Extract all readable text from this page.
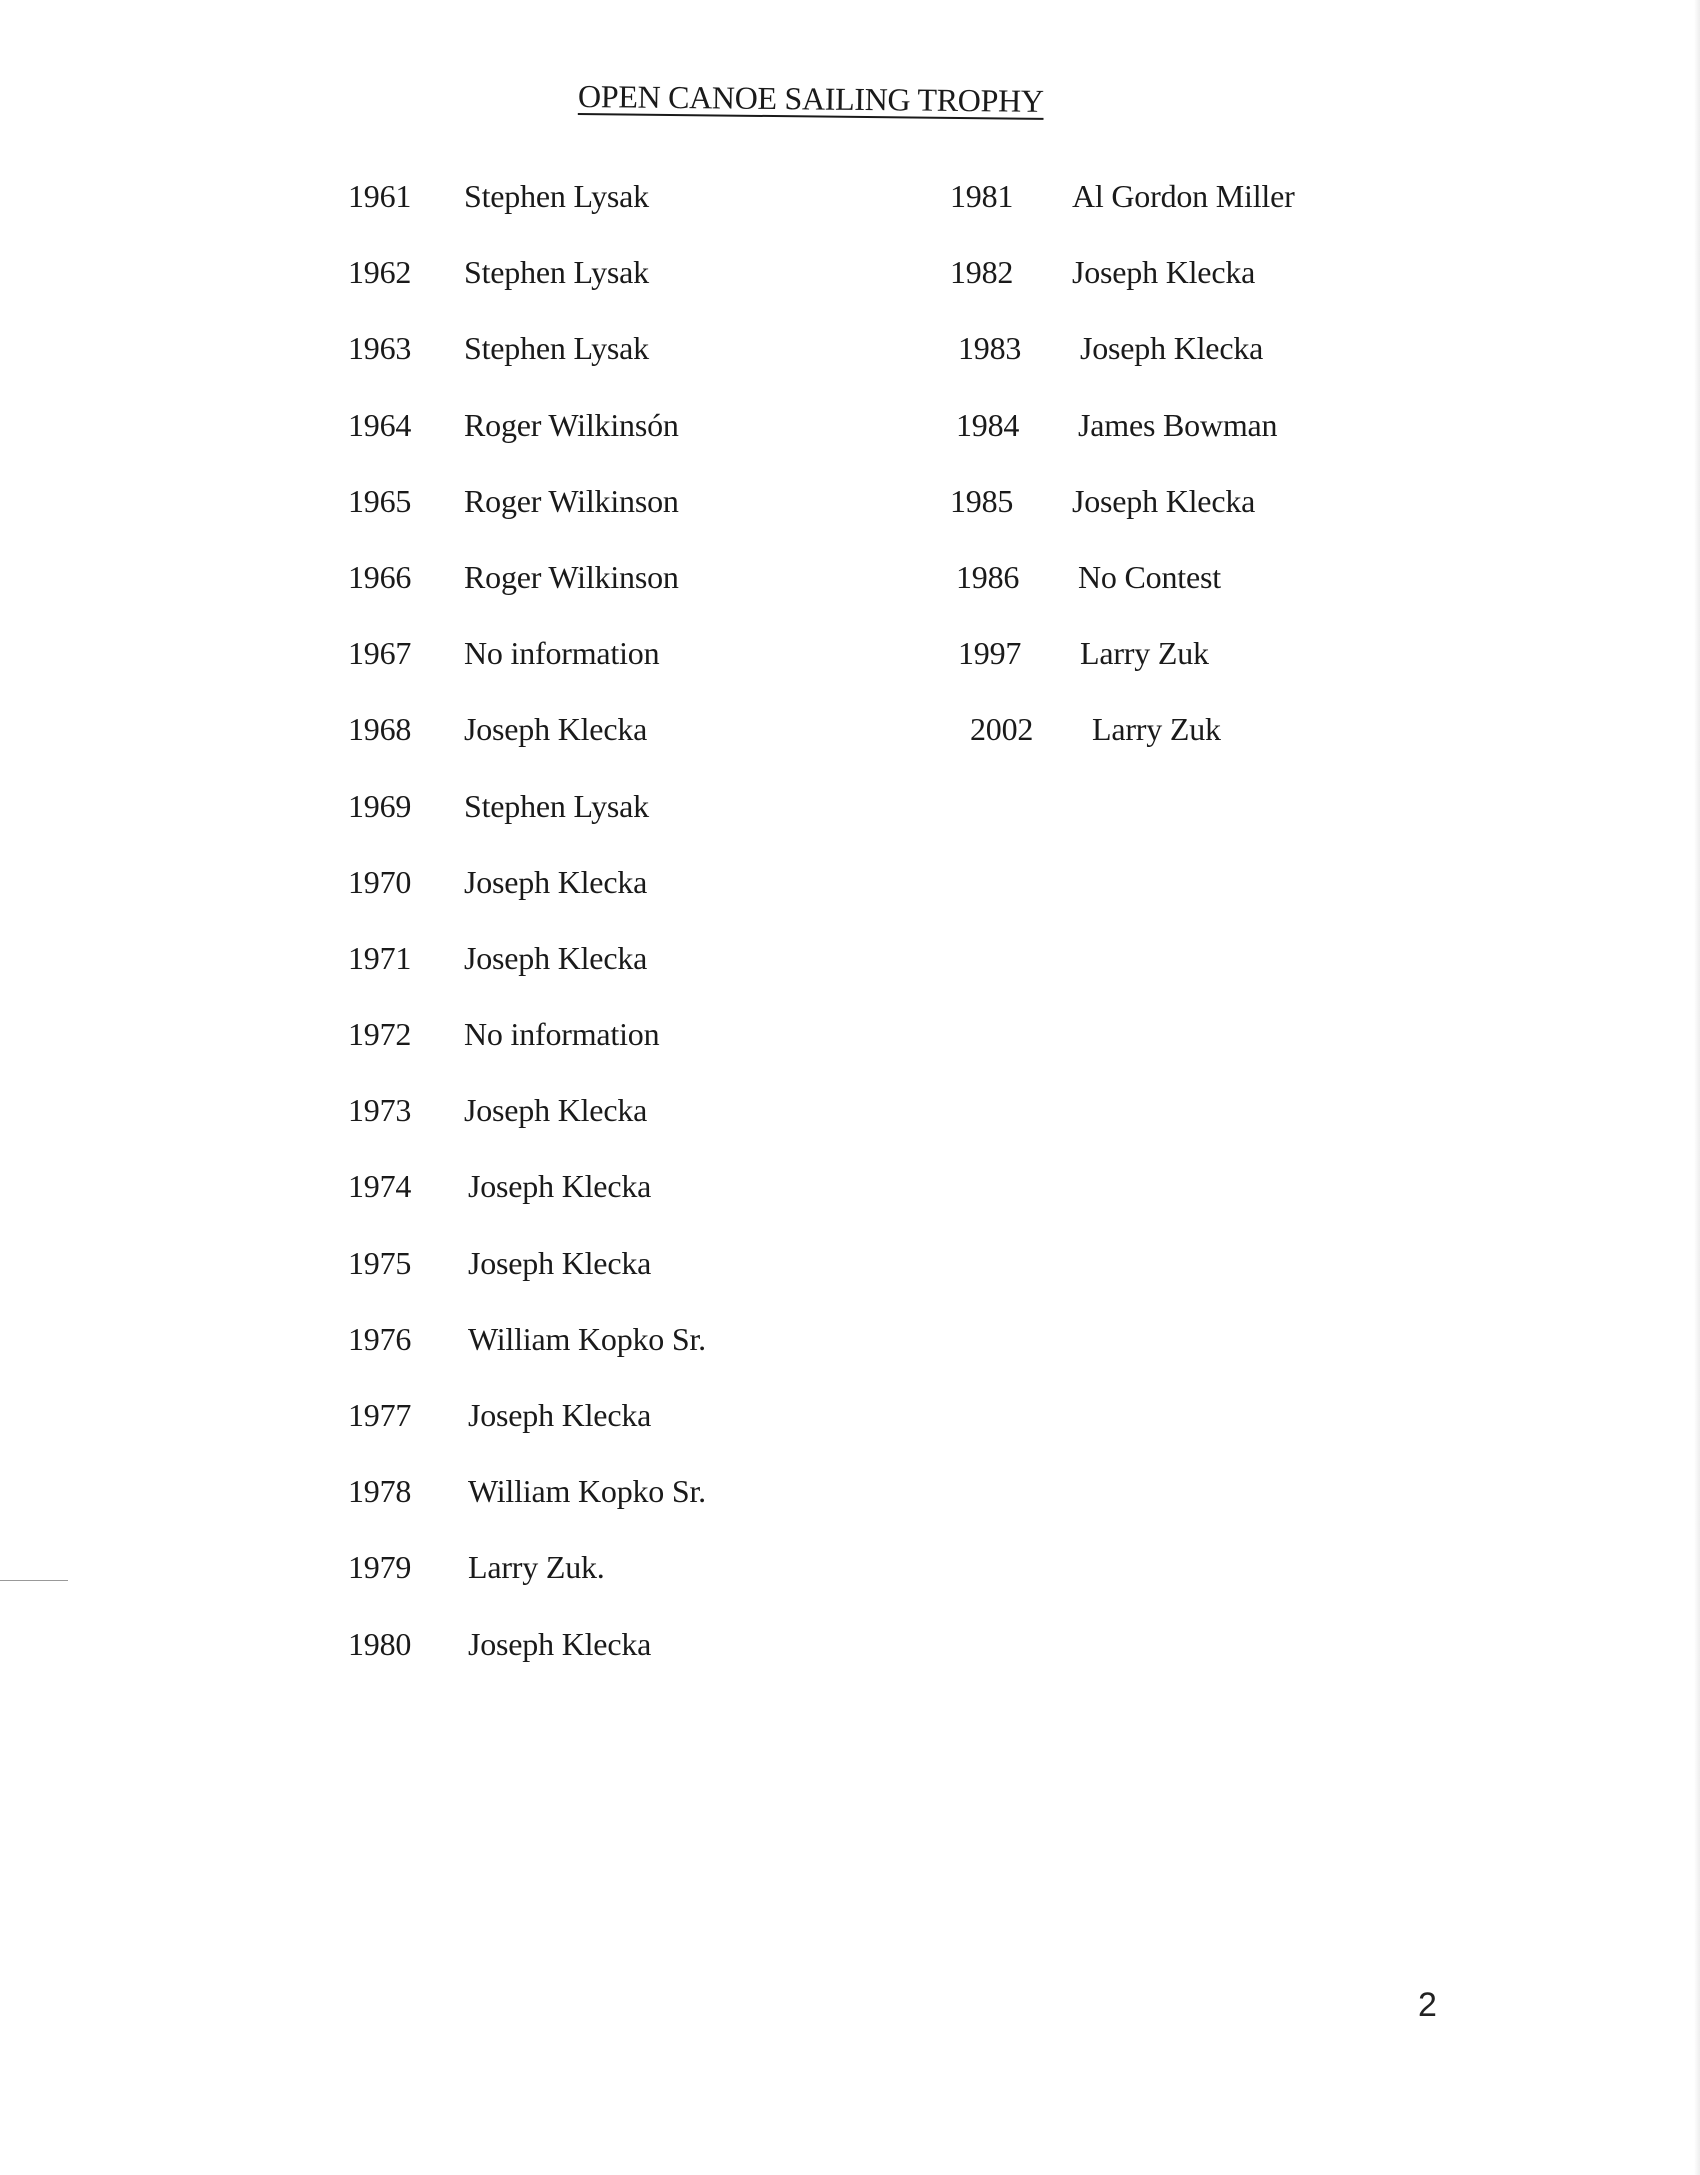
OPEN CANOE SAILING TROPHY
1961	Stephen Lysak
1962	Stephen Lysak
1963	Stephen Lysak
1964	Roger Wilkinsón
1965	Roger Wilkinson
1966	Roger Wilkinson
1967	No information
1968	Joseph Klecka
1969	Stephen Lysak
1970	Joseph Klecka
1971	Joseph Klecka
1972	No information
1973	Joseph Klecka
1974	Joseph Klecka
1975	Joseph Klecka
1976	William Kopko Sr.
1977	Joseph Klecka
1978	William Kopko Sr.
1979	Larry Zuk.
1980	Joseph Klecka
1981	Al Gordon Miller
1982	Joseph Klecka
1983	Joseph Klecka
1984	James Bowman
1985	Joseph Klecka
1986	No Contest
1997	Larry Zuk
2002	Larry Zuk
2
